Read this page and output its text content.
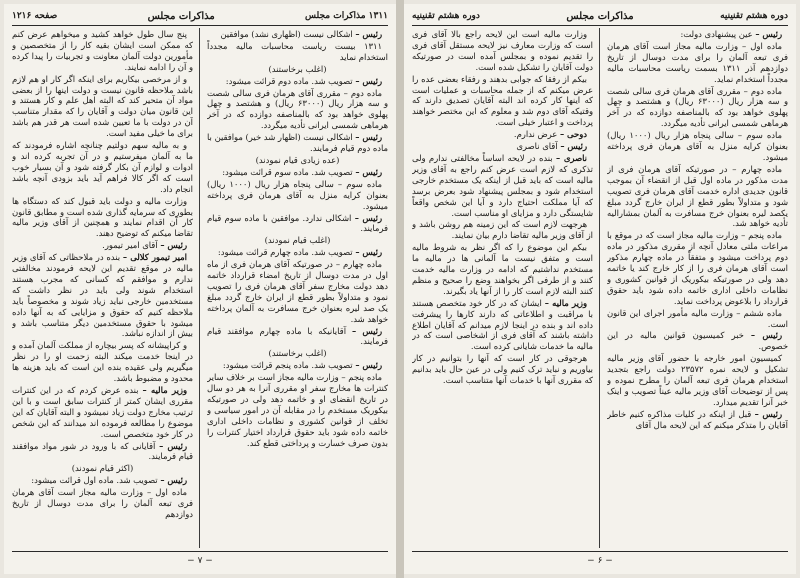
۱۳۱۱ مذاکرات مجلس
مذاکرات مجلس
صفحه ۱۲۱۶

رئیس – اشکالی نیست (اظهاری نشد) موافقین

۱۳۱۱ بیست ریاست محاسبات مالیه مجدداً استخدام نماید

(اغلب برخاستند)

رئیس – تصویب شد. ماده دوم قرائت میشود:

ماده دوم – مقرری آقای هرمان فری سالی شصت و سه هزار ریال (۶۳۰۰۰ ریال) و هشتصد و چهل پهلوی خواهد بود که بالمناصفه دوازده که در آخر هرماهی شمسی ایرانی تأدیه میگردد.

رئیس – اشکالی نیست (اظهار شد خیر) موافقین با ماده دوم قیام فرمایند.

(عده زیادی قیام نمودند)

رئیس – تصویب شد. ماده سوم قرائت میشود:

ماده سوم – سالی پنجاه هزار ریال (۱۰۰۰ ریال) بعنوان کرایه منزل به آقای هرمان فری پرداخته میشود.

رئیس – اشکالی ندارد. موافقین با ماده سوم قیام فرمایند.

(اغلب قیام نمودند)

رئیس – تصویب شد. ماده چهارم قرائت میشود:

ماده چهارم – در صورتیکه آقای هرمان فری از ماه اول در مدت دوسال از تاریخ امضاء قرارداد خاتمه دهد دولت مخارج سفر آقای هرمان فری را تصویب نمود و متداولاً بطور قطع از ایران خارج گردد مبلغ یک صد لیره بعنوان خرج مسافرت به آلمان پرداخته خواهد شد.

رئیس – آقایانیکه با ماده چهارم موافقند قیام فرمایند.

(اغلب برخاستند)

رئیس – تصویب شد. ماده پنجم قرائت میشود:

ماده پنجم – وزارت مالیه مجاز است بر خلاف سایر کنترات ها مخارج سفر او مقرری آنرا به هر دو سال در تاریخ انقضای او و خاتمه دهد ولی در صورتیکه بیکوریک مستخدم را در مقابله آن در امور سیاسی و تخلف از قوانین کشوری و نظامات داخلی اداری خاتمه داده شود باید حقوق قرارداد اختیار کنترات را بدون صرف خسارت و پرداختی قطع کند.

پنج سال طول خواهد کشید و میخواهم عرض کنم که ممکن است ایشان بقیه کار را از متخصصین و مأمورین دولت آلمان معاونت و تجربیات را پیدا کرده و آن را ادامه نمایند.

و از مرخصی بیکاریم برای اینکه اگر کار او هم لازم باشد ملاحظه قانون نیست و دولت اینها را از بعضی مواد آن متحیر کند که البته اهل علم و کار هستند و این قانون میان دولت و آقایان را که مقدار متناسب آن در دولت با ما تعیین شده است هر قدر هم باشد برای ما خیلی مفید است.

و به مالیه سهم دولتیم چنانچه اشاره فرمودند که ما به آلمان میفرستیم و در آن تجربه کرده اند و ادوات و لوازم آن بکار گرفته شود و آن بسیار خوب است که اگر کالا فراهم آید باید بزودی آنچه باشد انجام داد.

وزارت مالیه و دولت باید قبول کند که دستگاه ها بطوری که سرمایه گذاری شده است و مطابق قانون کار آن اقدام نمایند و همچنین از آقای وزیر مالیه تقاضا میکنم که توضیح دهند.

رئیس – آقای امیر تیمور.

امیر تیمور کلالی – بنده در ملاحظاتی که آقای وزیر مالیه در موقع تقدیم این لایحه فرمودند مخالفتی ندارم و موافقم که کسانی که مجرب هستند استخدام شوند ولی باید در نظر داشت که مستخدمین خارجی نباید زیاد شوند و مخصوصاً باید ملاحظه کنیم که حقوق و مزایایی که به آنها داده میشود با حقوق مستخدمین دیگر متناسب باشد و بیش از اندازه نباشد.

و کراپیشانه که پسر بیچاره از مملکت آلمان آمده و در اینجا خدمت میکند البته زحمت او را در نظر میگیریم ولی عقیده بنده این است که باید هزینه ها محدود و مضبوط باشد.

وزیر مالیه – بنده عرض کردم که در این کنترات مقرری ایشان کمتر از کنترات سابق است و با این ترتیب مخارج دولت زیاد نمیشود و البته آقایان که این موضوع را مطالعه فرموده اند میدانند که این شخص در کار خود متخصص است.

رئیس – آقایانی که با ورود در شور مواد موافقند قیام فرمایند.

(اکثر قیام نمودند)

رئیس – تصویب شد. ماده اول قرائت میشود:

ماده اول – وزارت مالیه مجاز است آقای هرمان فری تبعه آلمان را برای مدت دوسال از تاریخ دوازدهم

− ۷ −
دوره هشتم تقنینیه
مذاکرات مجلس
دوره هشتم تقنینیه

رئیس – عین پیشنهادی دولت:

ماده اول – وزارت مالیه مجاز است آقای هرمان فری تبعه آلمان را برای مدت دوسال از تاریخ دوازدهم آذر ۱۳۱۱ بسمت ریاست محاسبات مالیه مجدداً استخدام نماید.

ماده دوم – مقرری آقای هرمان فری سالی شصت و سه هزار ریال (۶۳۰۰۰ ریال) و هشتصد و چهل پهلوی خواهد بود که بالمناصفه دوازده که در آخر هرماهی شمسی ایرانی تأدیه میگردد.

ماده سوم – سالی پنجاه هزار ریال (۱۰۰۰ ریال) بعنوان کرایه منزل به آقای هرمان فری پرداخته میشود.

ماده چهارم – در صورتیکه آقای هرمان فری از مدت مذکور در ماده اول قبل از انقضاء آن بموجب قانون جدیدی اداره خدمت آقای هرمان فری تصویب شود و متداولاً بطور قطع از ایران خارج گردد مبلغ یکصد لیره بعنوان خرج مسافرت به آلمان بمشارالیه تأدیه خواهد شد.

ماده پنجم – وزارت مالیه مجاز است که در موقع با مراعات ملتی معادل آنچه از مقرری مذکور در ماده دوم پرداخت میشود و متفقاً در ماده چهارم مذکور است آقای هرمان فری را از کار خارج کند یا خاتمه دهد ولی در صورتیکه بیکوریک از قوانین کشوری و نظامات داخلی اداری خاتمه داده شود باید حقوق قرارداد را بلاعوض پرداخت نماید.

ماده ششم – وزارت مالیه مأمور اجرای این قانون است.

رئیس – خبر کمیسیون قوانین مالیه در این خصوص.

کمیسیون امور خارجه با حضور آقای وزیر مالیه تشکیل و لایحه نمره ۲۳۵۷۲ دولت راجع بتجدید استخدام هرمان فری تبعه آلمان را مطرح نموده و پس از توضیحات آقای وزیر مالیه عیناً تصویب و اینک خبر آنرا تقدیم میدارد.

رئیس – قبل از اینکه در کلیات مذاکره کنیم خاطر آقایان را متذکر میکنم که این لایحه مال آقای

وزارت مالیه است این لایحه راجع بالا آقای فری است که وزارت معارف نیز لایحه مستقل آقای فری را تقدیم نموده و بمجلس آمده است در صورتیکه دولت آقایان را تشکیل شده است.

بیکم از رفقا که جوابی بدهند و رفقاء بعضی عده را عرض میکنم که از جمله محاسبات و عملیات است که اینها کار کرده اند البته آقایان تصدیق دارند که وقتیکه آقای دوم شد و معلوم که این مختصر خواهند پرداخت و اعتبار خیلی است.

دوحی – عرض ندارم.

رئیس – آقای ناصری

ناصری – بنده در لایحه اساساً مخالفتی ندارم ولی تذکری که لازم است عرض کنم راجع به آقای وزیر مالیه است که باید قبل از اینکه یک مستخدم خارجی استخدام شود و بمجلس پیشنهاد شود بعرض برسد که آیا مملکت احتیاج دارد و آیا این شخص واقعاً شایستگی دارد و مزایای او مناسب است.

هرجهت لازم است که این زمینه هم روشن باشد و از آقای وزیر مالیه تقاضا دارم بیان نمایند.

بیکم این موضوع را که اگر نظر به شروط مالیه است و متفق نیست ما آلمانی ها در مالیه ما مستخدم نداشتیم که ادامه در وزارت مالیه خدمت کنند و از طرفی اگر بخواهند وضع را صحیح و منظم کنند البته لازم است کار را از آنها یاد بگیرند.

وزیر مالیه – ایشان که در کار خود متخصص هستند با مراقبت و اطلاعاتی که دارند کارها را پیشرفت داده اند و بنده در اینجا لازم میدانم که آقایان اطلاع داشته باشند که آقای فری از اشخاصی است که در مالیه ما خدمات شایانی کرده است.

هرجوقی در کار است که آنها را بتوانیم در کار بیاوریم و نباید ترک کنیم ولی در عین حال باید بدانیم که مقرری آنها با خدمات آنها متناسب است.

− ۶ −
